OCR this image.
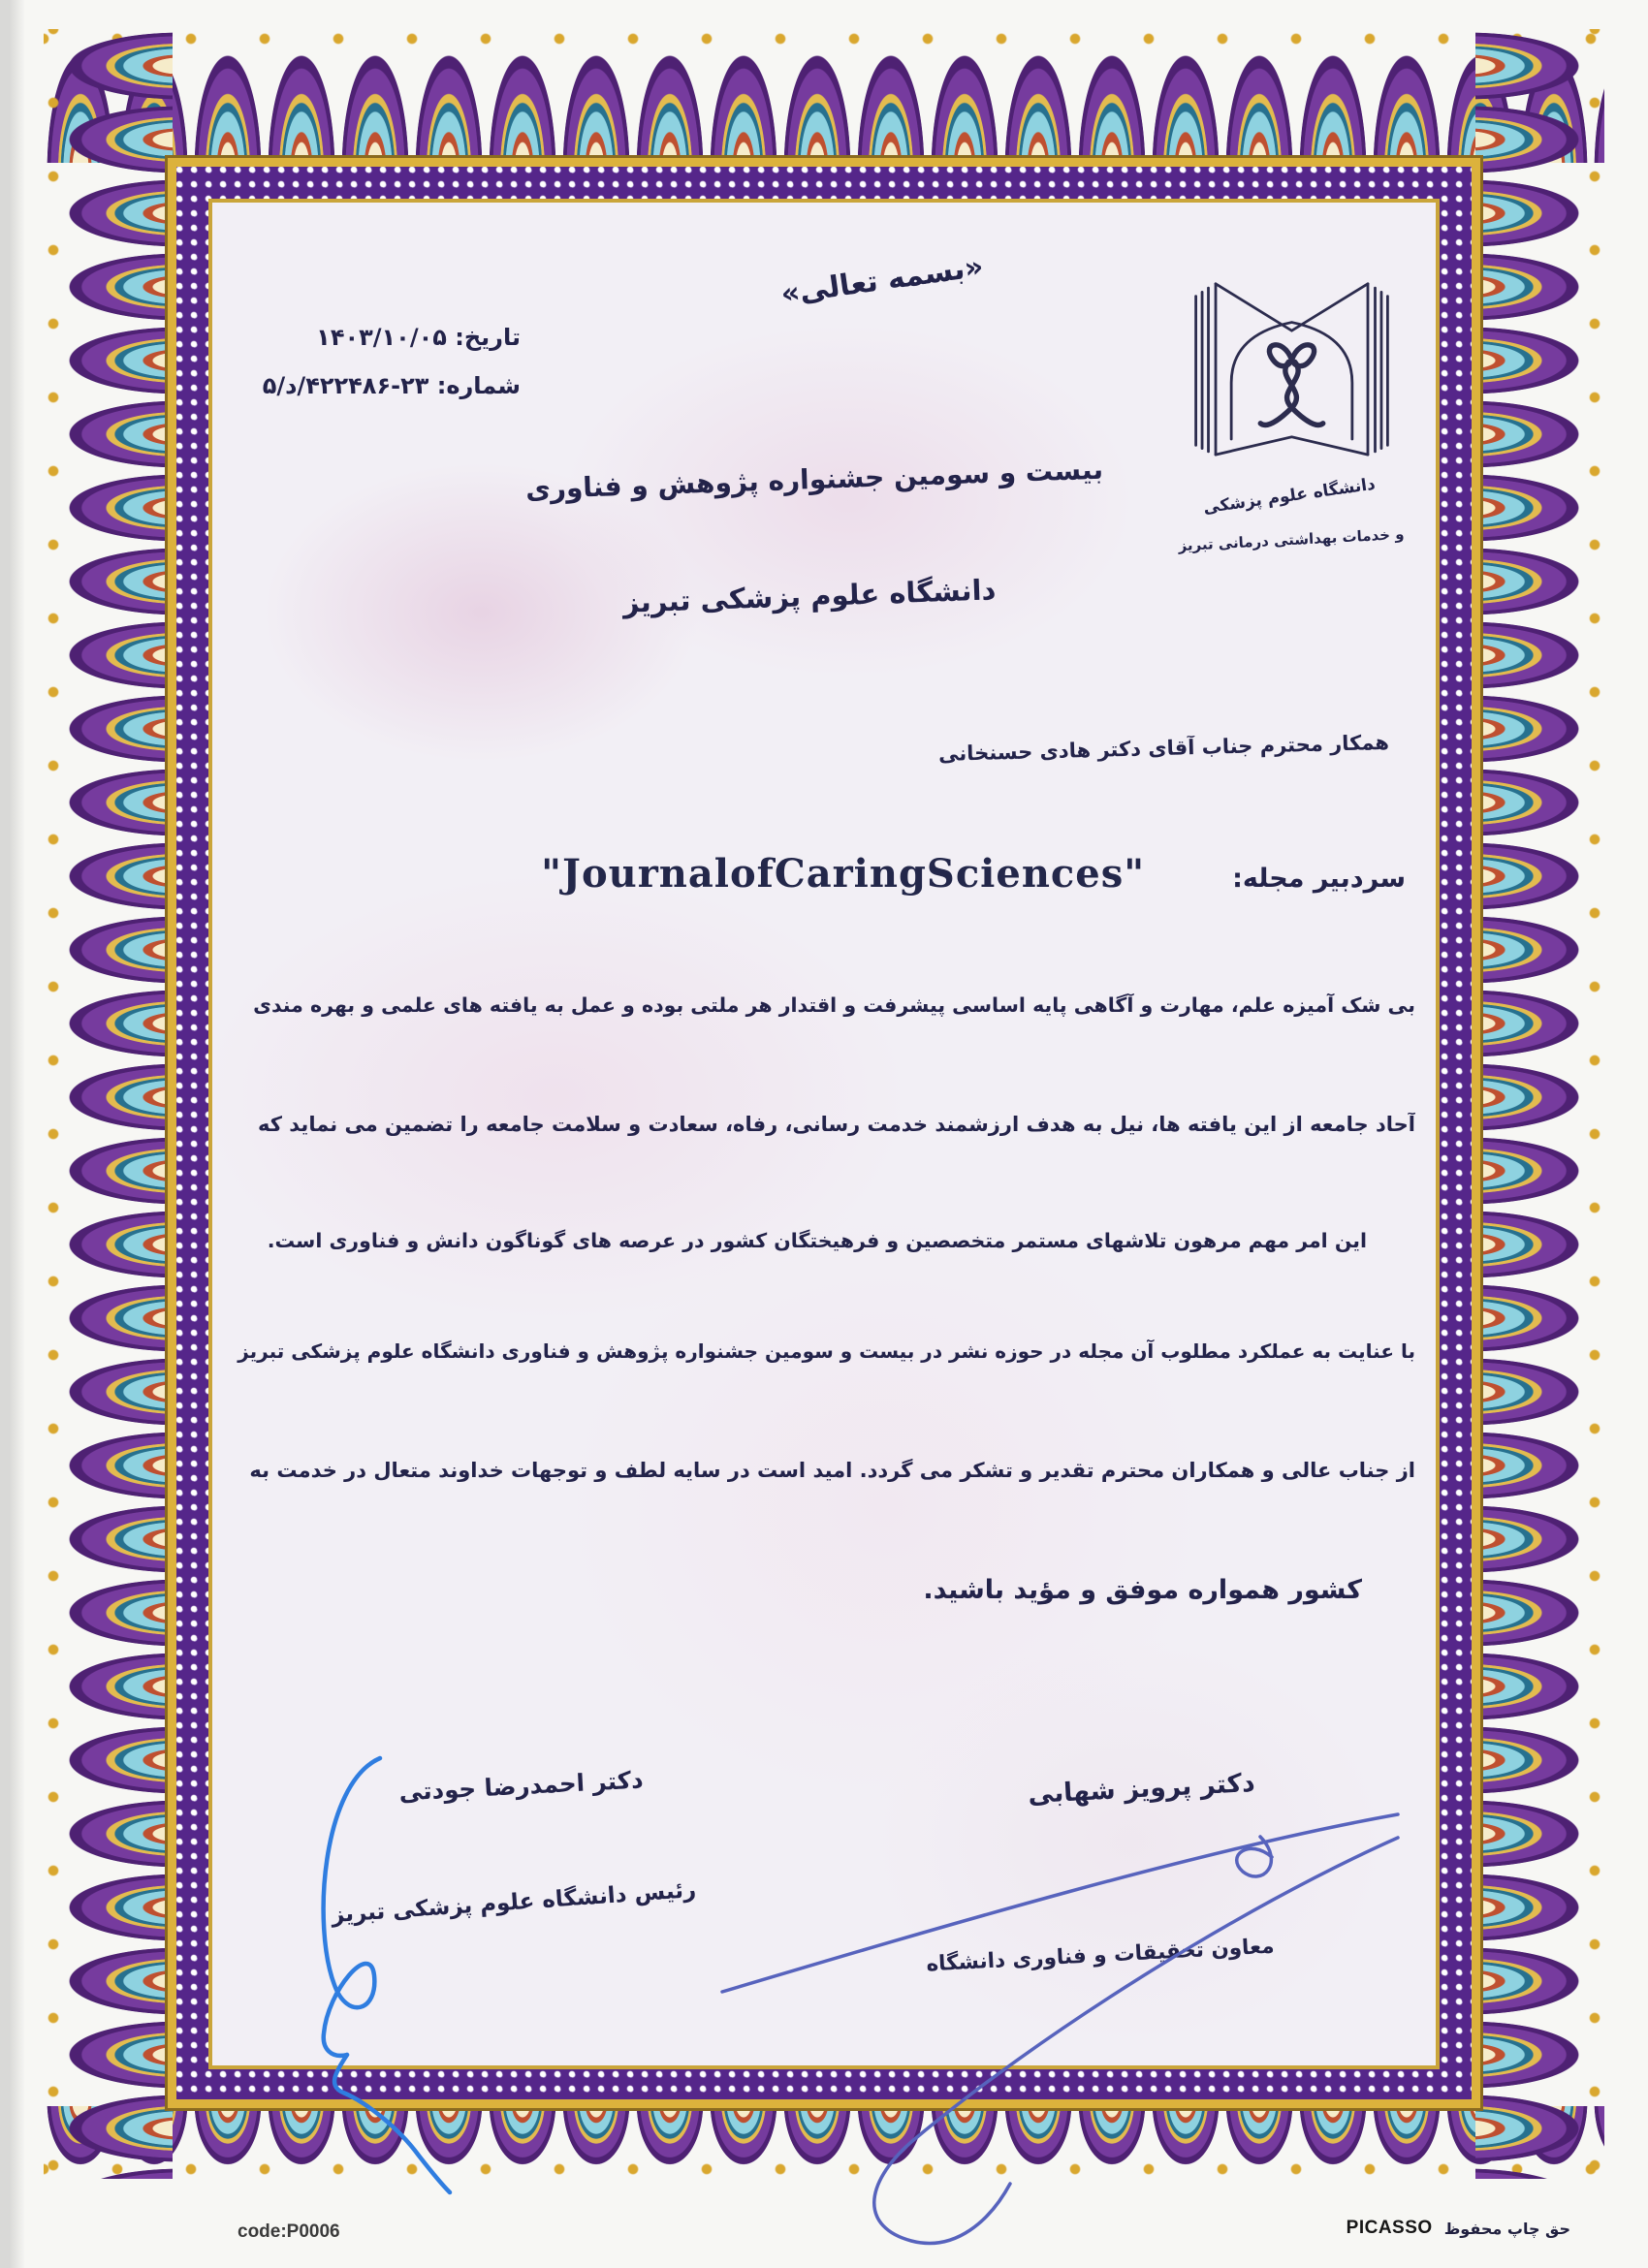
«بسمه تعالی»
تاریخ: ۱۴۰۳/۱۰/۰۵
شماره: ۲۳-۴۲۲۴۸۶/د/۵
دانشگاه علوم پزشکی
و خدمات بهداشتی درمانی تبریز
بیست و سومین جشنواره پژوهش و فناوری
دانشگاه علوم پزشکی تبریز
همکار محترم جناب آقای دکتر هادی حسنخانی
سردبیر مجله:
"JournalofCaringSciences"
بی شک آمیزه علم، مهارت و آگاهی پایه اساسی پیشرفت و اقتدار هر ملتی بوده و عمل به یافته های علمی و بهره مندی
آحاد جامعه از این یافته ها، نیل به هدف ارزشمند خدمت رسانی، رفاه، سعادت و سلامت جامعه را تضمین می نماید که
این امر مهم مرهون تلاشهای مستمر متخصصین و فرهیختگان کشور در عرصه های گوناگون دانش و فناوری است.
با عنایت به عملکرد مطلوب آن مجله در حوزه نشر در بیست و سومین جشنواره پژوهش و فناوری دانشگاه علوم پزشکی تبریز
از جناب عالی و همکاران محترم تقدیر و تشکر می گردد. امید است در سایه لطف و توجهات خداوند متعال در خدمت به
کشور همواره موفق و مؤید باشید.
دکتر احمدرضا جودتی
رئیس دانشگاه علوم پزشکی تبریز
دکتر پرویز شهابی
معاون تحقیقات و فناوری دانشگاه
code:P0006	PICASSO حق چاپ محفوظ
